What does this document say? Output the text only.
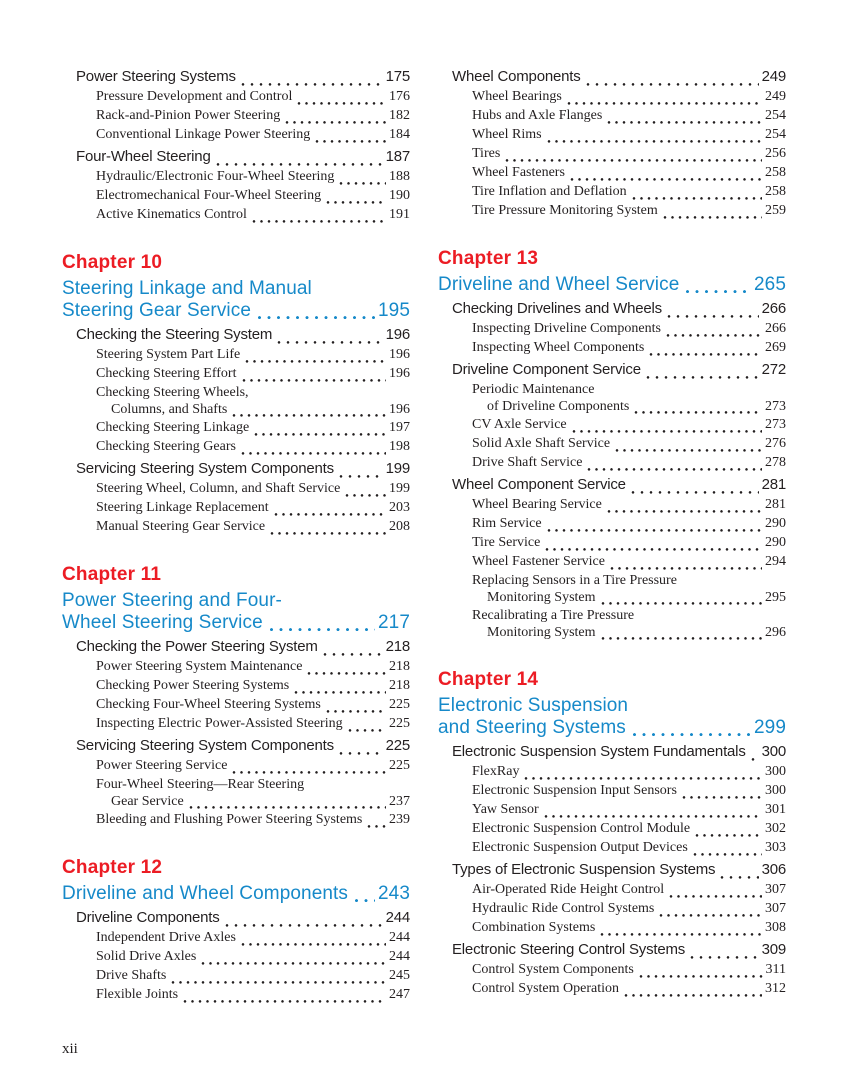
Power Steering Systems	175
Pressure Development and Control	176
Rack-and-Pinion Power Steering	182
Conventional Linkage Power Steering	184
Four-Wheel Steering	187
Hydraulic/Electronic Four-Wheel Steering	188
Electromechanical Four-Wheel Steering	190
Active Kinematics Control	191
Chapter 10
Steering Linkage and Manual
Steering Gear Service	195
Checking the Steering System	196
Steering System Part Life	196
Checking Steering Effort	196
Checking Steering Wheels,
Columns, and Shafts	196
Checking Steering Linkage	197
Checking Steering Gears	198
Servicing Steering System Components	199
Steering Wheel, Column, and Shaft Service	199
Steering Linkage Replacement	203
Manual Steering Gear Service	208
Chapter 11
Power Steering and Four-
Wheel Steering Service	217
Checking the Power Steering System	218
Power Steering System Maintenance	218
Checking Power Steering Systems	218
Checking Four-Wheel Steering Systems	225
Inspecting Electric Power-Assisted Steering	225
Servicing Steering System Components	225
Power Steering Service	225
Four-Wheel Steering—Rear Steering
Gear Service	237
Bleeding and Flushing Power Steering Systems 239
Chapter 12
Driveline and Wheel Components 243
Driveline Components	244
Independent Drive Axles	244
Solid Drive Axles	244
Drive Shafts	245
Flexible Joints	247
Wheel Components	249
Wheel Bearings	249
Hubs and Axle Flanges	254
Wheel Rims	254
Tires	256
Wheel Fasteners	258
Tire Inflation and Deflation	258
Tire Pressure Monitoring System	259
Chapter 13
Driveline and Wheel Service	265
Checking Drivelines and Wheels	266
Inspecting Driveline Components	266
Inspecting Wheel Components	269
Driveline Component Service	272
Periodic Maintenance
of Driveline Components	273
CV Axle Service	273
Solid Axle Shaft Service	276
Drive Shaft Service	278
Wheel Component Service	281
Wheel Bearing Service	281
Rim Service	290
Tire Service	290
Wheel Fastener Service	294
Replacing Sensors in a Tire Pressure
Monitoring System	295
Recalibrating a Tire Pressure
Monitoring System	296
Chapter 14
Electronic Suspension
and Steering Systems	299
Electronic Suspension System Fundamentals 300
FlexRay	300
Electronic Suspension Input Sensors	300
Yaw Sensor	301
Electronic Suspension Control Module	302
Electronic Suspension Output Devices	303
Types of Electronic Suspension Systems	306
Air-Operated Ride Height Control	307
Hydraulic Ride Control Systems	307
Combination Systems	308
Electronic Steering Control Systems	309
Control System Components	311
Control System Operation	312
xii
